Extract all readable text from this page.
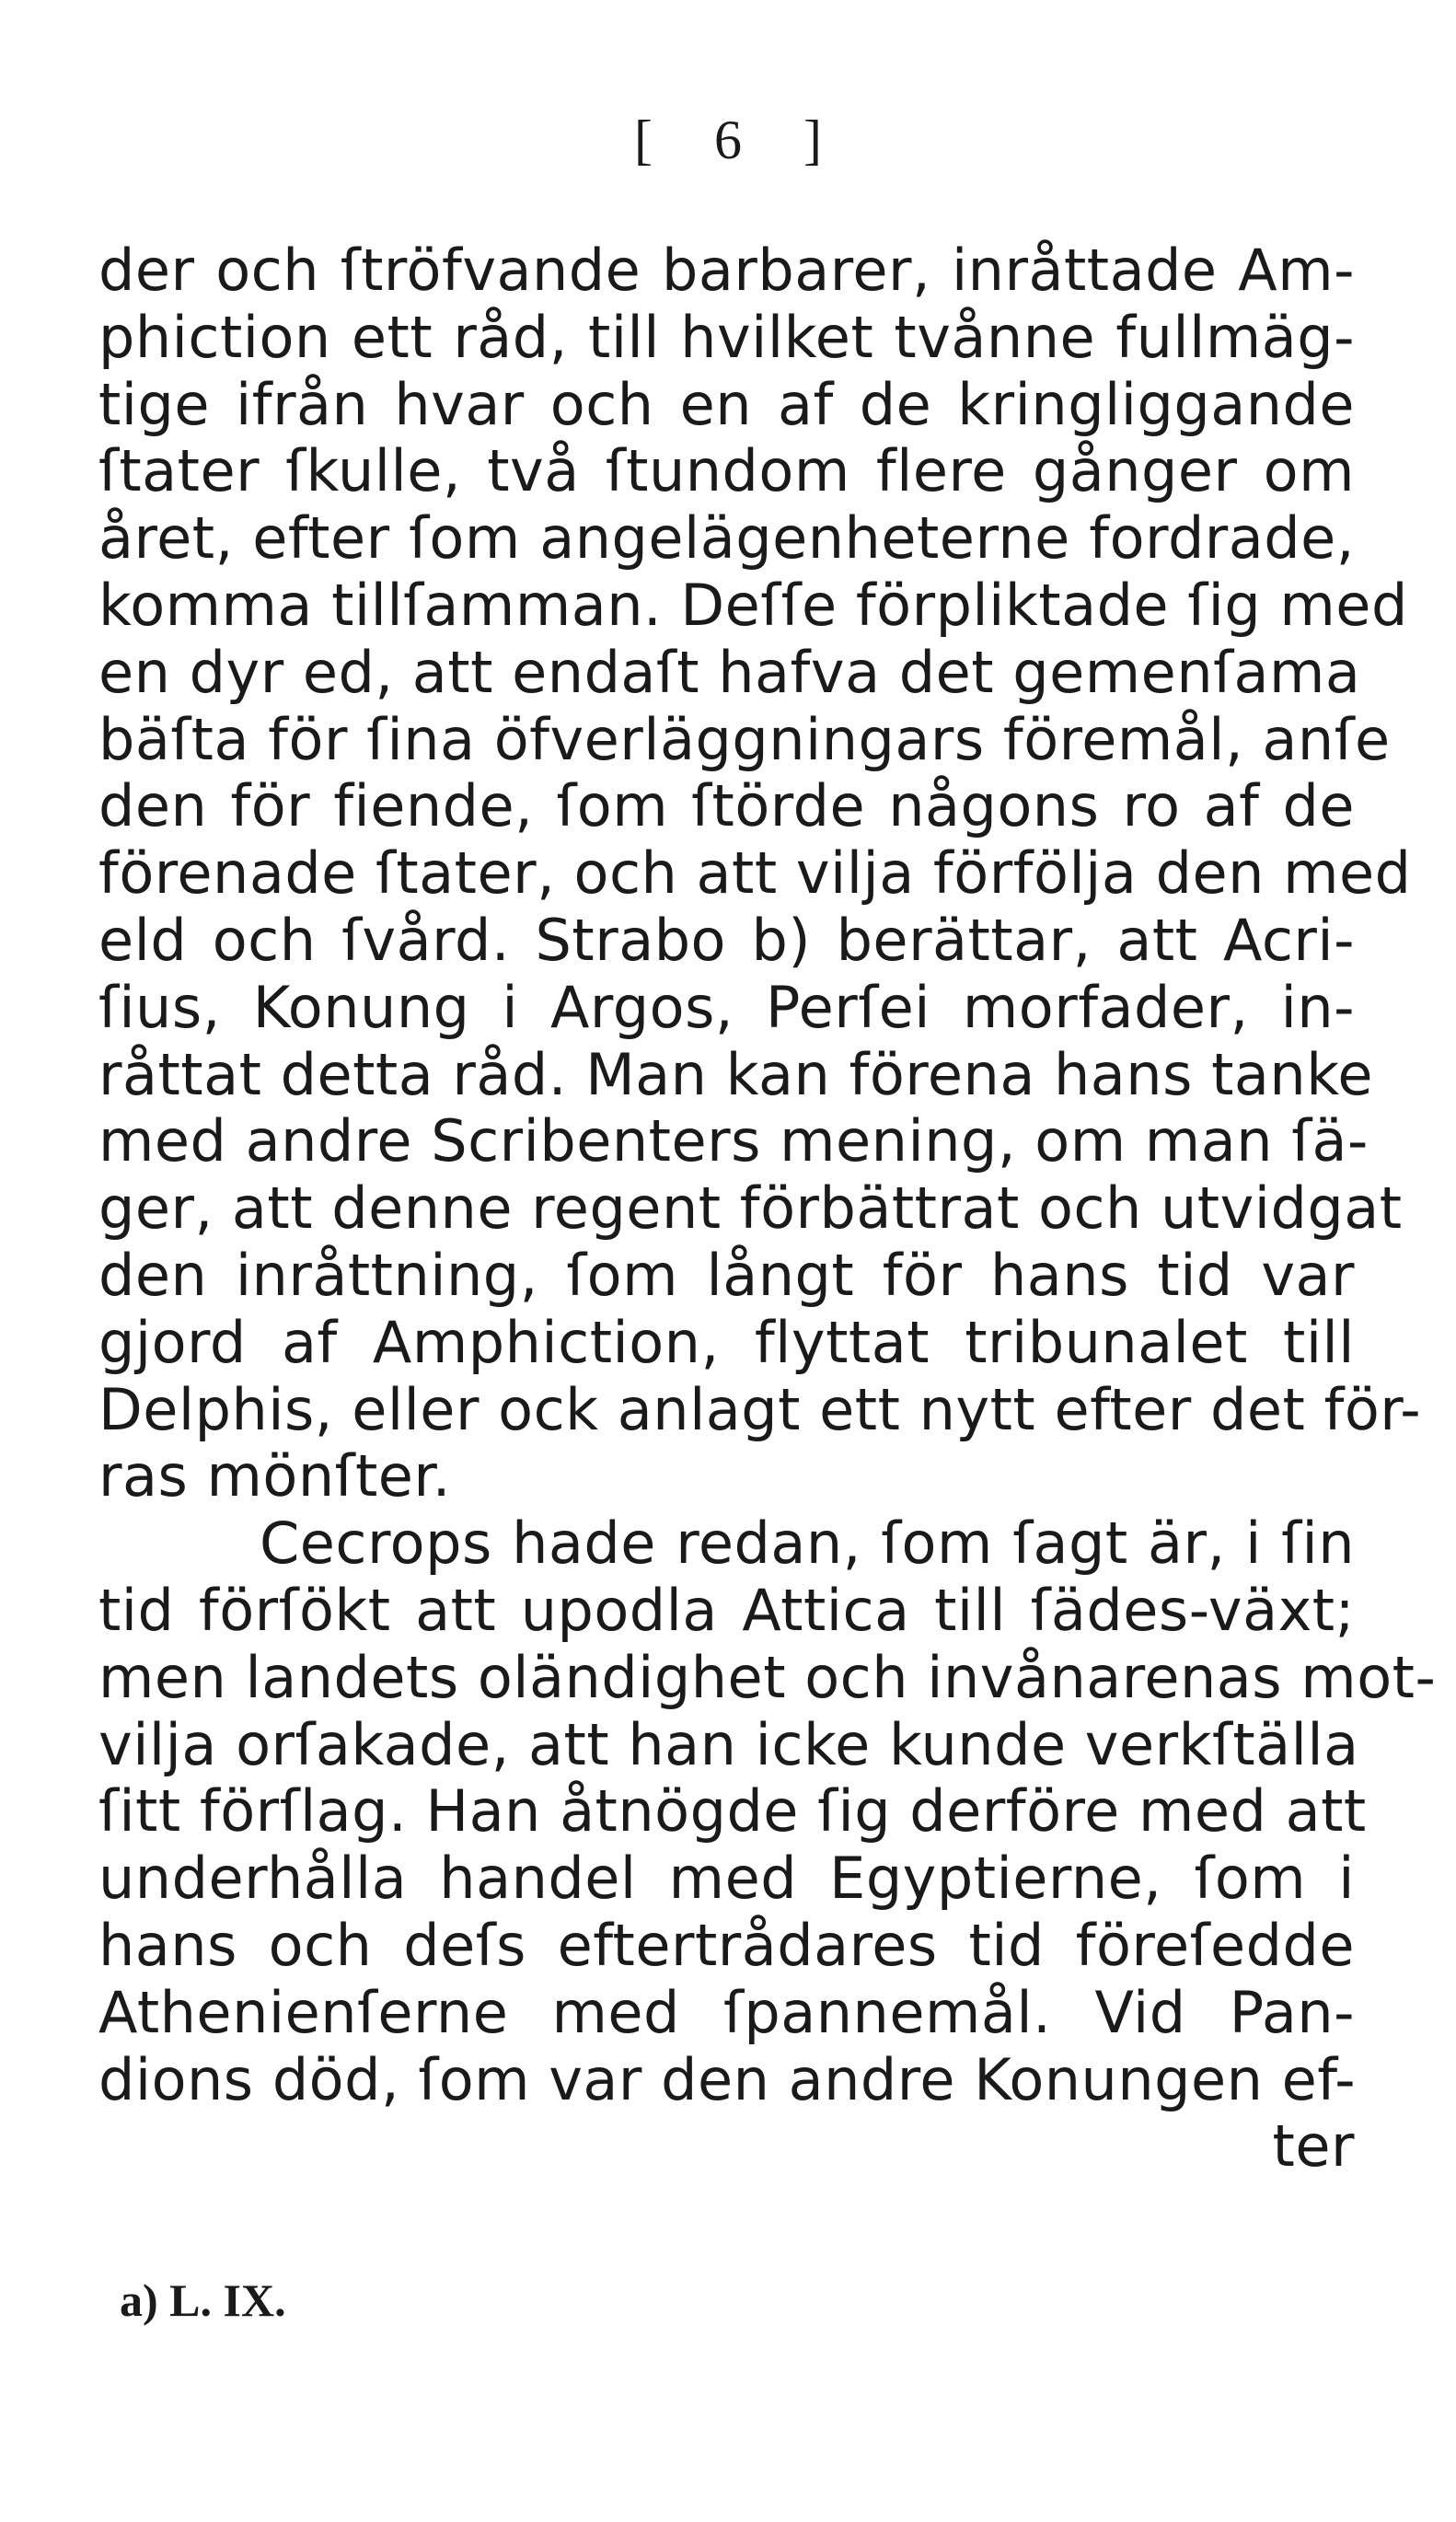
[ 6 ]
der och ſtröfvande barbarer, inråttade Am-
phiction ett råd, till hvilket tvånne fullmäg-
tige ifrån hvar och en af de kringliggande
ſtater ſkulle, två ſtundom flere gånger om
året, efter ſom angelägenheterne fordrade,
komma tillſamman. Deſſe förpliktade ſig med
en dyr ed, att endaſt hafva det gemenſama
bäſta för ſina öfverläggningars föremål, anſe
den för fiende, ſom ſtörde någons ro af de
förenade ſtater, och att vilja förfölja den med
eld och ſvård. Strabo b) berättar, att Acri-
ſius, Konung i Argos, Perſei morfader, in-
råttat detta råd. Man kan förena hans tanke
med andre Scribenters mening, om man ſä-
ger, att denne regent förbättrat och utvidgat
den inråttning, ſom långt för hans tid var
gjord af Amphiction, flyttat tribunalet till
Delphis, eller ock anlagt ett nytt efter det för-
ras mönſter.
Cecrops hade redan, ſom ſagt är, i ſin
tid förſökt att upodla Attica till ſädes-växt;
men landets oländighet och invånarenas mot-
vilja orſakade, att han icke kunde verkſtälla
ſitt förſlag. Han åtnögde ſig derföre med att
underhålla handel med Egyptierne, ſom i
hans och deſs eftertrådares tid föreſedde
Athenienſerne med ſpannemål. Vid Pan-
dions död, ſom var den andre Konungen ef-
ter
a) L. IX.
